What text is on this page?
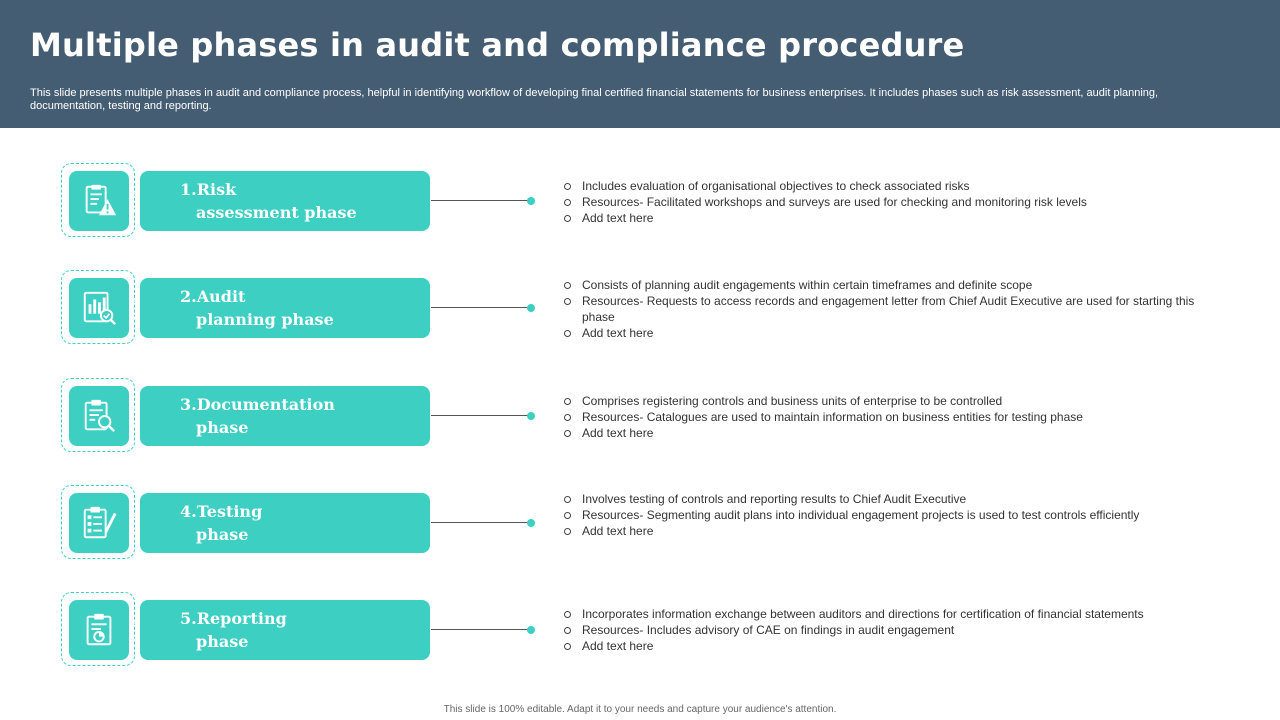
Multiple phases in audit and compliance procedure

This slide presents multiple phases in audit and compliance process, helpful in identifying workflow of developing final certified financial statements for business enterprises. It includes phases such as risk assessment, audit planning, documentation, testing and reporting.

1.Risk
assessment phase
Includes evaluation of organisational objectives to check associated risks
Resources- Facilitated workshops and surveys are used for checking and monitoring risk levels
Add text here
2.Audit
planning phase
Consists of planning audit engagements within certain timeframes and definite scope
Resources- Requests to access records and engagement letter from Chief Audit Executive are used for starting this phase
Add text here
3.Documentation
phase
Comprises registering controls and business units of enterprise to be controlled
Resources- Catalogues are used to maintain information on business entities for testing phase
Add text here
4.Testing
phase
Involves testing of controls and reporting results to Chief Audit Executive
Resources- Segmenting audit plans into individual engagement projects is used to test controls efficiently
Add text here
5.Reporting
phase
Incorporates information exchange between auditors and directions for certification of financial statements
Resources- Includes advisory of CAE on findings in audit engagement
Add text here
This slide is 100% editable. Adapt it to your needs and capture your audience's attention.
